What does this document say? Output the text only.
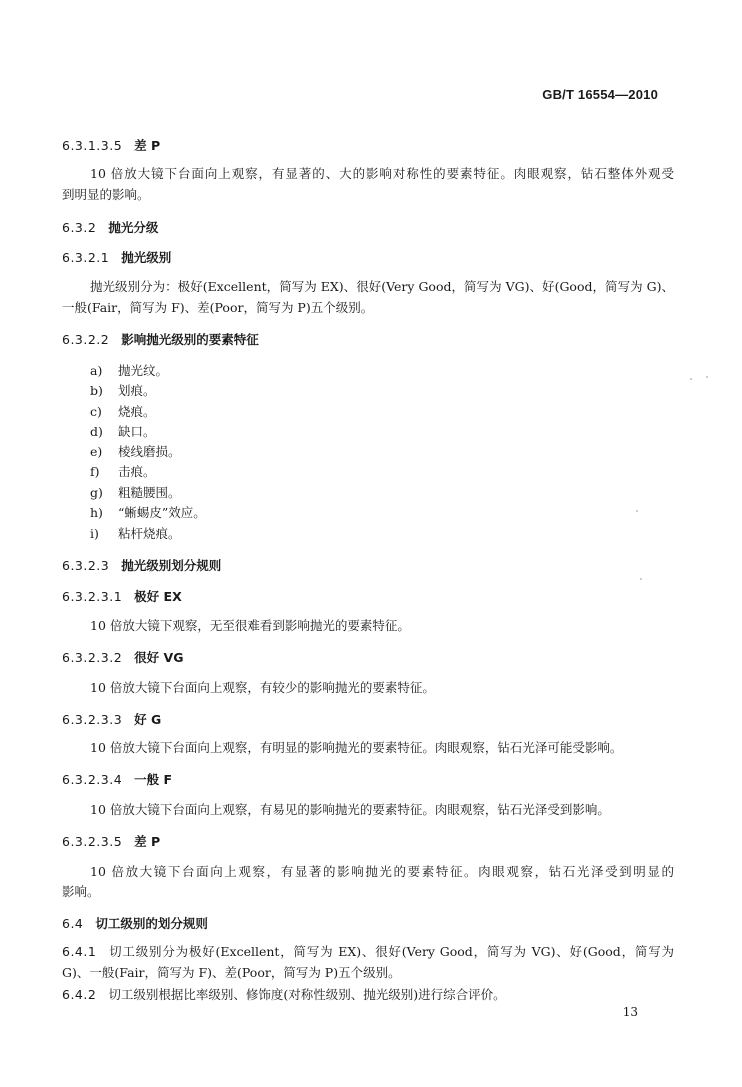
GB/T 16554—2010
6.3.1.3.5 差 P
10 倍放大镜下台面向上观察，有显著的、大的影响对称性的要素特征。肉眼观察，钻石整体外观受
到明显的影响。
6.3.2 抛光分级
6.3.2.1 抛光级别
抛光级别分为：极好(Excellent，简写为 EX)、很好(Very Good，简写为 VG)、好(Good，简写为 G)、
一般(Fair，简写为 F)、差(Poor，简写为 P)五个级别。
6.3.2.2 影响抛光级别的要素特征
a) 抛光纹。
b) 划痕。
c) 烧痕。
d) 缺口。
e) 棱线磨损。
f) 击痕。
g) 粗糙腰围。
h) “蜥蜴皮”效应。
i) 粘杆烧痕。
6.3.2.3 抛光级别划分规则
6.3.2.3.1 极好 EX
10 倍放大镜下观察，无至很难看到影响抛光的要素特征。
6.3.2.3.2 很好 VG
10 倍放大镜下台面向上观察，有较少的影响抛光的要素特征。
6.3.2.3.3 好 G
10 倍放大镜下台面向上观察，有明显的影响抛光的要素特征。肉眼观察，钻石光泽可能受影响。
6.3.2.3.4 一般 F
10 倍放大镜下台面向上观察，有易见的影响抛光的要素特征。肉眼观察，钻石光泽受到影响。
6.3.2.3.5 差 P
10 倍放大镜下台面向上观察，有显著的影响抛光的要素特征。肉眼观察，钻石光泽受到明显的
影响。
6.4 切工级别的划分规则
6.4.1 切工级别分为极好(Excellent，简写为 EX)、很好(Very Good，简写为 VG)、好(Good，简写为
G)、一般(Fair，简写为 F)、差(Poor，简写为 P)五个级别。
6.4.2 切工级别根据比率级别、修饰度(对称性级别、抛光级别)进行综合评价。
13
